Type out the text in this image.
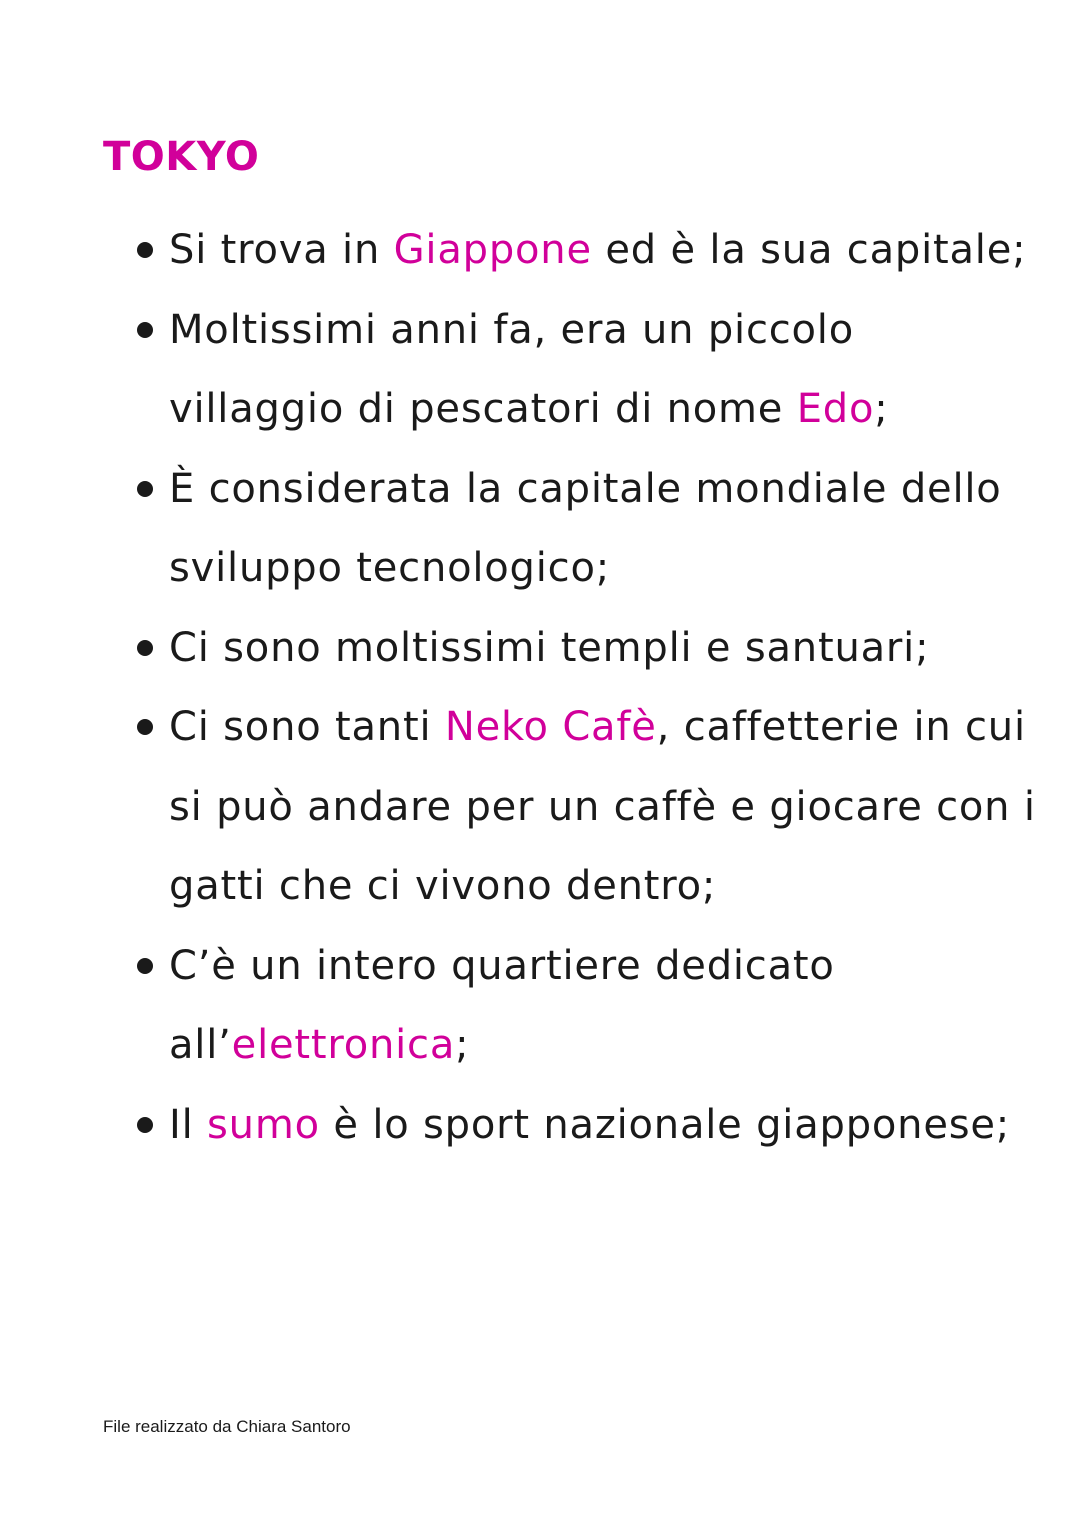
TOKYO
Si trova in Giappone ed è la sua capitale;
Moltissimi anni fa, era un piccolo villaggio di pescatori di nome Edo;
È considerata la capitale mondiale dello sviluppo tecnologico;
Ci sono moltissimi templi e santuari;
Ci sono tanti Neko Cafè, caffetterie in cui si può andare per un caffè e giocare con i gatti che ci vivono dentro;
C’è un intero quartiere dedicato all’elettronica;
Il sumo è lo sport nazionale giapponese;
File realizzato da Chiara Santoro
